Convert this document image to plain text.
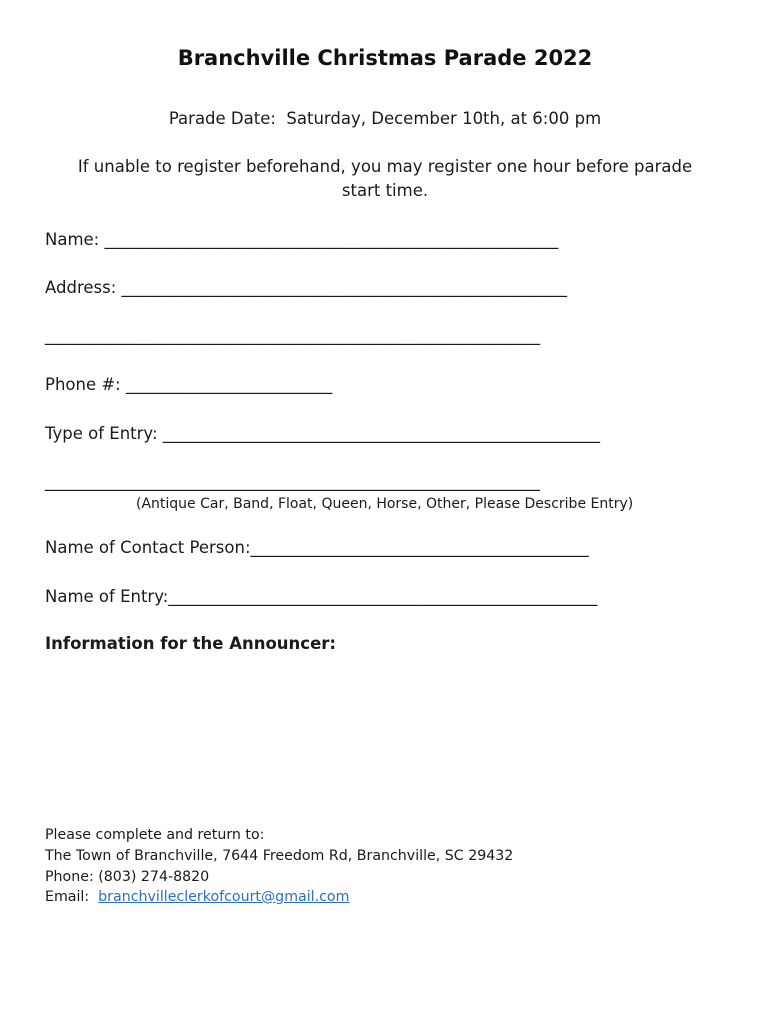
Branchville Christmas Parade 2022
Parade Date:  Saturday, December 10th, at 6:00 pm
If unable to register beforehand, you may register one hour before parade
start time.
Name: _______________________________________________________
Address: ______________________________________________________
____________________________________________________________
Phone #: _________________________
Type of Entry: _____________________________________________________
____________________________________________________________
(Antique Car, Band, Float, Queen, Horse, Other, Please Describe Entry)
Name of Contact Person:_________________________________________
Name of Entry:____________________________________________________
Information for the Announcer:
Please complete and return to:
The Town of Branchville, 7644 Freedom Rd, Branchville, SC 29432
Phone: (803) 274-8820
Email:  branchvilleclerkofcourt@gmail.com
